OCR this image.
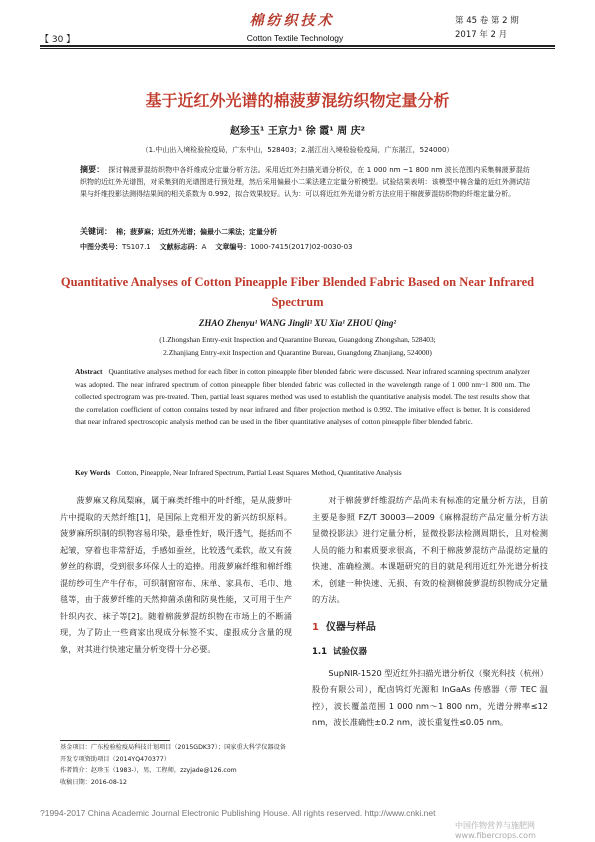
棉纺织技术
Cotton Textile Technology
【 30 】
第 45 卷 第 2 期
2017 年 2 月
基于近红外光谱的棉菠萝混纺织物定量分析
赵珍玉¹ 王京力¹ 徐 霞¹ 周 庆²
（1.中山出入境检验检疫局，广东中山，528403；2.湛江出入境检验检疫局，广东湛江，524000）
摘要： 探讨棉菠萝混纺织物中各纤维成分定量分析方法。采用近红外扫描光谱分析仪，在 1 000 nm ~1 800 nm 波长范围内采集棉菠萝混纺织物的近红外光谱图，对采集到的光谱图进行预处理，然后采用偏最小二乘法建立定量分析模型。试验结果表明：该模型中棉含量的近红外测试结果与纤维投影法测得结果间的相关系数为 0.992，拟合效果较好。认为：可以将近红外光谱分析方法应用于棉菠萝混纺织物的纤维定量分析。
关键词： 棉；菠萝麻；近红外光谱；偏最小二乘法；定量分析
中图分类号：TS107.1 文献标志码：A 文章编号：1000-7415(2017)02-0030-03
Quantitative Analyses of Cotton Pineapple Fiber Blended Fabric Based on Near Infrared Spectrum
ZHAO Zhenyu¹ WANG Jingli¹ XU Xia¹ ZHOU Qing²
(1.Zhongshan Entry-exit Inspection and Quarantine Bureau, Guangdong Zhongshan, 528403;
2.Zhanjiang Entry-exit Inspection and Quarantine Bureau, Guangdong Zhanjiang, 524000)
Abstract Quantitative analyses method for each fiber in cotton pineapple fiber blended fabric were discussed. Near infrared scanning spectrum analyzer was adopted. The near infrared spectrum of cotton pineapple fiber blended fabric was collected in the wavelength range of 1 000 nm~1 800 nm. The collected spectrogram was pre-treated. Then, partial least squares method was used to establish the quantitative analysis model. The test results show that the correlation coefficient of cotton contains tested by near infrared and fiber projection method is 0.992. The imitative effect is better. It is considered that near infrared spectroscopic analysis method can be used in the fiber quantitative analyses of cotton pineapple fiber blended fabric.
Key Words Cotton, Pineapple, Near Infrared Spectrum, Partial Least Squares Method, Quantitative Analysis
菠萝麻又称凤梨麻，属于麻类纤维中的叶纤维，是从菠萝叶片中提取的天然纤维[1]，是国际上竞相开发的新兴纺织原料。菠萝麻所织制的织物容易印染，悬垂性好，吸汗透气，挺括而不起皱，穿着也非常舒适，手感如蚕丝，比较透气柔软，故又有菠萝丝的称谓，受到很多环保人士的追捧。用菠萝麻纤维和棉纤维混纺纱可生产牛仔布，可织制窗帘布、床单、家具布、毛巾、地毯等，由于菠萝纤维的天然抑菌杀菌和防臭性能，又可用于生产针织内衣、袜子等[2]。随着棉菠萝混纺织物在市场上的不断涌现，为了防止一些商家出现成分标签不实、虚报成分含量的现象，对其进行快速定量分析变得十分必要。
对于棉菠萝纤维混纺产品尚未有标准的定量分析方法，目前主要是参照 FZ/T 30003—2009《麻棉混纺产品定量分析方法 显微投影法》进行定量分析，显微投影法检测周期长，且对检测人员的能力和素质要求很高，不利于棉菠萝混纺产品混纺定量的快速、准确检测。本课题研究的目的就是利用近红外光谱分析技术，创建一种快速、无损、有效的检测棉菠萝混纺织物成分定量的方法。
1 仪器与样品
1.1 试验仪器
SupNIR-1520 型近红外扫描光谱分析仪（聚光科技（杭州）股份有限公司），配卤钨灯光源和 InGaAs 传感器（带 TEC 温控），波长覆盖范围 1 000 nm～1 800 nm，光谱分辨率≤12 nm，波长准确性±0.2 nm，波长重复性≤0.05 nm。
基金项目：广东检验检疫局科技计划项目（2015GDK37）；国家重大科学仪器设备开发专项资助项目（2014YQ470377）
作者简介：赵珍玉（1983-），男，工程师，zzyjade@126.com
收稿日期：2016-08-12
?1994-2017 China Academic Journal Electronic Publishing House. All rights reserved. http://www.cnki.net
中国作物营养与施肥网 www.fibercrops.com
